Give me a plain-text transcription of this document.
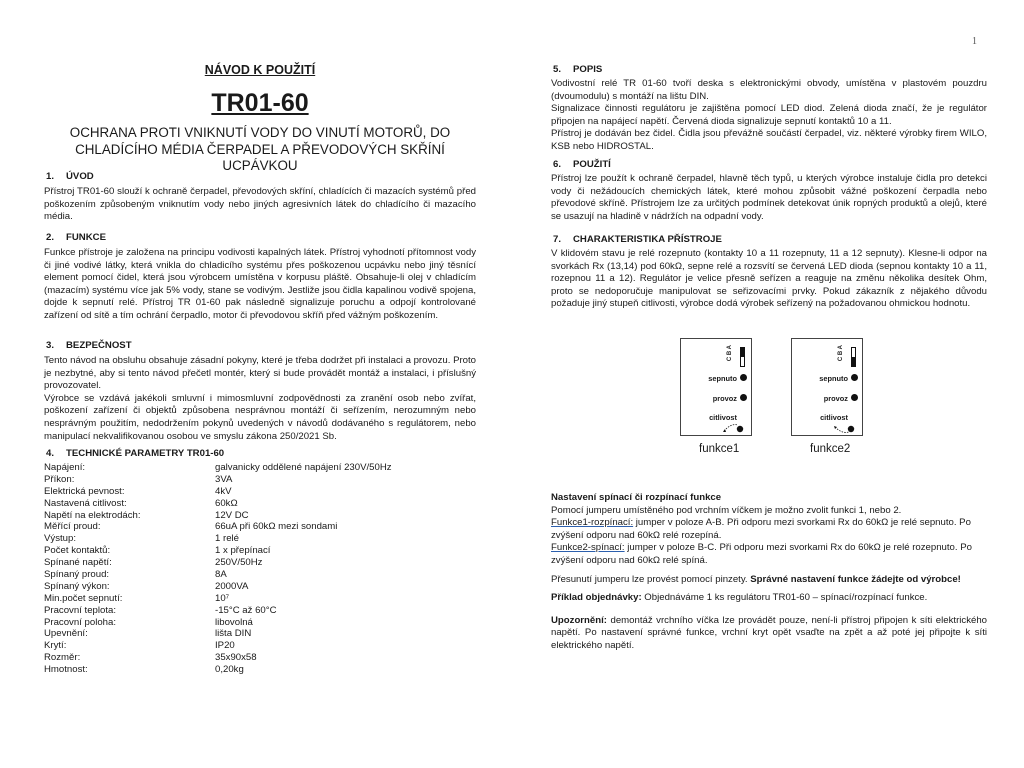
1
NÁVOD K POUŽITÍ
TR01-60
OCHRANA PROTI VNIKNUTÍ VODY DO VINUTÍ MOTORŮ, DO CHLADÍCÍHO MÉDIA ČERPADEL A PŘEVODOVÝCH SKŘÍNÍ UCPÁVKOU
1. ÚVOD
Přístroj TR01-60 slouží k ochraně čerpadel, převodových skříní, chladících či mazacích systémů před poškozením způsobeným vniknutím vody nebo jiných agresivních látek do chladícího či mazacího média.
2. FUNKCE
Funkce přístroje je založena na principu vodivosti kapalných látek. Přístroj vyhodnotí přítomnost vody či jiné vodivé látky, která vnikla do chladicího systému přes poškozenou ucpávku nebo jiný těsnící element pomocí čidel, která jsou výrobcem umístěna v korpusu pláště. Obsahuje-li olej v chladícím (mazacím) systému více jak 5% vody, stane se vodivým. Jestliže jsou čidla kapalinou vodivě spojena, dojde k sepnutí relé. Přístroj TR 01-60 pak následně signalizuje poruchu a odpojí kontrolované zařízení od sítě a tím ochrání čerpadlo, motor či převodovou skříň před vážným poškozením.
3. BEZPEČNOST
Tento návod na obsluhu obsahuje zásadní pokyny, které je třeba dodržet při instalaci a provozu. Proto je nezbytné, aby si tento návod přečetl montér, který si bude provádět montáž a instalaci, i příslušný provozovatel.
Výrobce se vzdává jakékoli smluvní i mimosmluvní zodpovědnosti za zranění osob nebo zvířat, poškození zařízení či objektů způsobena nesprávnou montáží či seřízením, nerozumným nebo nesprávným použitím, nedodržením pokynů uvedených v návodů dodávaného s regulátorem, nebo manipulací nekvalifikovanou osobou ve smyslu zákona 250/2021 Sb.
4. TECHNICKÉ PARAMETRY TR01-60
Napájení:	galvanicky oddělené napájení 230V/50Hz
Příkon:	3VA
Elektrická pevnost:	4kV
Nastavená citlivost:	60kΩ
Napětí na elektrodách:	12V DC
Měřící proud:	66uA při 60kΩ mezi sondami
Výstup:	1 relé
Počet kontaktů:	1 x přepínací
Spínané napětí:	250V/50Hz
Spínaný proud:	8A
Spínaný výkon:	2000VA
Min.počet sepnutí:	10⁷
Pracovní teplota:	-15°C až 60°C
Pracovní poloha:	libovolná
Upevnění:	lišta DIN
Krytí:	IP20
Rozměr:	35x90x58
Hmotnost:	0,20kg
5. POPIS
Vodivostní relé TR 01-60 tvoří deska s elektronickými obvody, umístěna v plastovém pouzdru (dvoumodulu) s montáží na lištu DIN.
Signalizace činnosti regulátoru je zajištěna pomocí LED diod. Zelená dioda značí, že je regulátor připojen na napájecí napětí. Červená dioda signalizuje sepnutí kontaktů 10 a 11.
Přístroj je dodáván bez čidel. Čidla jsou převážně součástí čerpadel, viz. některé výrobky firem WILO, KSB nebo HIDROSTAL.
6. POUŽITÍ
Přístroj lze použít k ochraně čerpadel, hlavně těch typů, u kterých výrobce instaluje čidla pro detekci vody či nežádoucích chemických látek, které mohou způsobit vážné poškození čerpadla nebo převodové skříně. Přístrojem lze za určitých podmínek detekovat únik ropných produktů a olejů, které se usazují na hladině v nádržích na odpadní vody.
7. CHARAKTERISTIKA PŘÍSTROJE
V klidovém stavu je relé rozepnuto (kontakty 10 a 11 rozepnuty, 11 a 12 sepnuty). Klesne-li odpor na svorkách Rx (13,14) pod 60kΩ, sepne relé a rozsvítí se červená LED dioda (sepnou kontakty 10 a 11, rozepnou 11 a 12). Regulátor je velice přesně seřízen a reaguje na změnu několika desítek Ohm, proto se nedoporučuje manipulovat se seřizovacími prvky. Pokud zákazník z nějakého důvodu požaduje jiný stupeň citlivosti, výrobce dodá výrobek seřízený na požadovanou ohmickou hodnotu.
C B A
sepnuto
provoz
citlivost
funkce1
C B A
sepnuto
provoz
citlivost
funkce2

Nastavení spínací či rozpínací funkce

Pomocí jumperu umístěného pod vrchním víčkem je možno zvolit funkci 1, nebo 2.

Funkce1-rozpínací: jumper v poloze A-B. Při odporu mezi svorkami Rx do 60kΩ je relé sepnuto. Po zvýšení odporu nad 60kΩ relé rozepíná.

Funkce2-spínací: jumper v poloze B-C. Při odporu mezi svorkami Rx do 60kΩ je relé rozepnuto. Po zvýšení odporu nad 60kΩ relé spíná.

Přesunutí jumperu lze provést pomocí pinzety. Správné nastavení funkce žádejte od výrobce!

Příklad objednávky: Objednáváme 1 ks regulátoru TR01-60 – spínací/rozpínací funkce.

Upozornění: demontáž vrchního víčka lze provádět pouze, není-li přístroj připojen k síti elektrického napětí. Po nastavení správné funkce, vrchní kryt opět vsaďte na zpět a až poté jej připojte k síti elektrického napětí.
